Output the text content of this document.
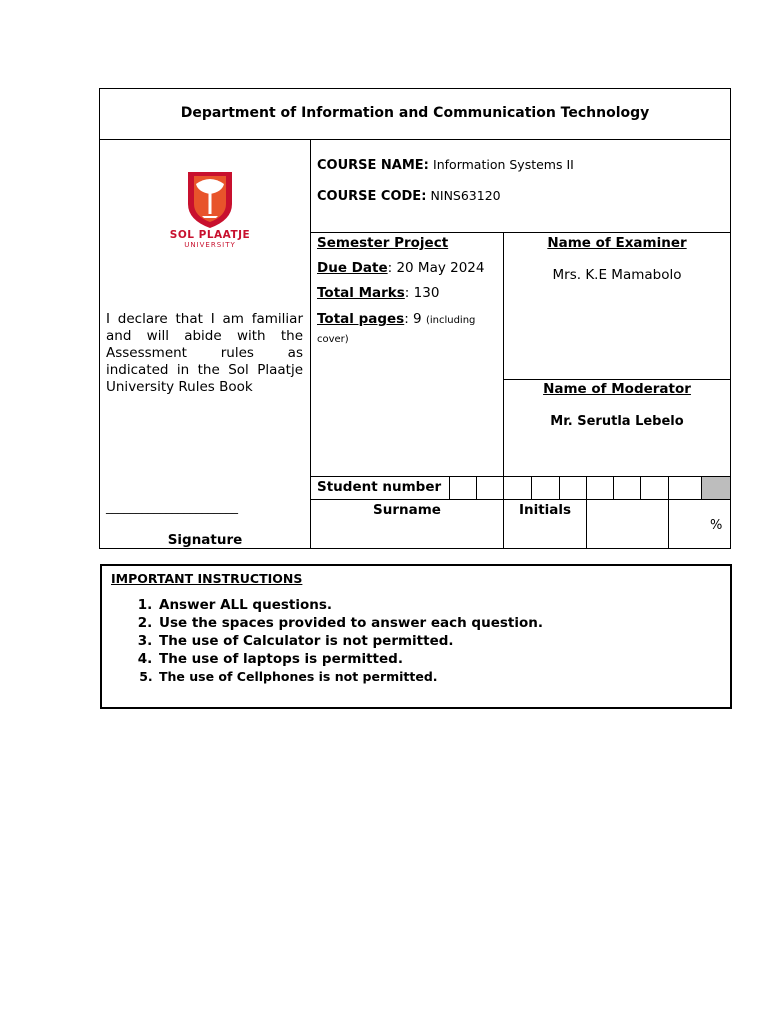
Department of Information and Communication Technology
SOL PLAATJE
UNIVERSITY
COURSE NAME: Information Systems II
COURSE CODE: NINS63120
Semester Project
Due Date: 20 May 2024
Total Marks: 130
Total pages: 9 (including
cover)
Name of Examiner
Mrs. K.E Mamabolo
Name of Moderator
Mr. Serutla Lebelo
I declare that I am familiar and will abide with the Assessment rules as indicated in the Sol Plaatje University Rules Book
______________________
Signature
Student number
Surname	Initials
%
IMPORTANT INSTRUCTIONS
1. Answer ALL questions.
2. Use the spaces provided to answer each question.
3. The use of Calculator is not permitted.
4. The use of laptops is permitted.
5. The use of Cellphones is not permitted.
